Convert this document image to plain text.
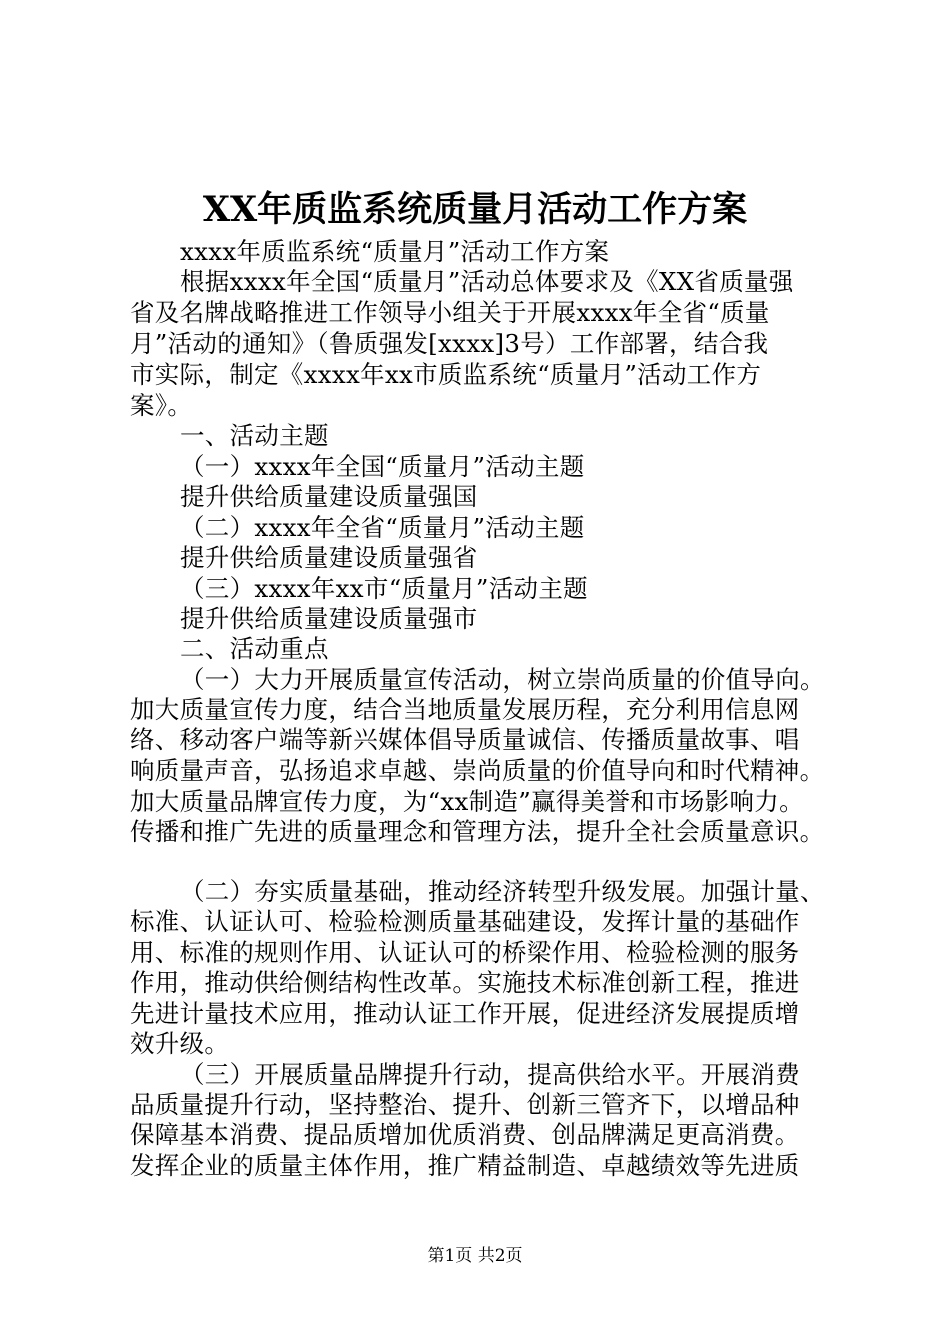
XX年质监系统质量月活动工作方案
xxxx年质监系统“质量月”活动工作方案
根据xxxx年全国“质量月”活动总体要求及《XX省质量强
省及名牌战略推进工作领导小组关于开展xxxx年全省“质量
月”活动的通知》（鲁质强发[xxxx]3号）工作部署，结合我
市实际，制定《xxxx年xx市质监系统“质量月”活动工作方
案》。
一、活动主题
（一）xxxx年全国“质量月”活动主题
提升供给质量建设质量强国
（二）xxxx年全省“质量月”活动主题
提升供给质量建设质量强省
（三）xxxx年xx市“质量月”活动主题
提升供给质量建设质量强市
二、活动重点
（一）大力开展质量宣传活动，树立崇尚质量的价值导向。
加大质量宣传力度，结合当地质量发展历程，充分利用信息网
络、移动客户端等新兴媒体倡导质量诚信、传播质量故事、唱
响质量声音，弘扬追求卓越、崇尚质量的价值导向和时代精神。
加大质量品牌宣传力度，为“xx制造”赢得美誉和市场影响力。
传播和推广先进的质量理念和管理方法，提升全社会质量意识。
（二）夯实质量基础，推动经济转型升级发展。加强计量、
标准、认证认可、检验检测质量基础建设，发挥计量的基础作
用、标准的规则作用、认证认可的桥梁作用、检验检测的服务
作用，推动供给侧结构性改革。实施技术标准创新工程，推进
先进计量技术应用，推动认证工作开展，促进经济发展提质增
效升级。
（三）开展质量品牌提升行动，提高供给水平。开展消费
品质量提升行动，坚持整治、提升、创新三管齐下，以增品种
保障基本消费、提品质增加优质消费、创品牌满足更高消费。
发挥企业的质量主体作用，推广精益制造、卓越绩效等先进质
第1页 共2页
